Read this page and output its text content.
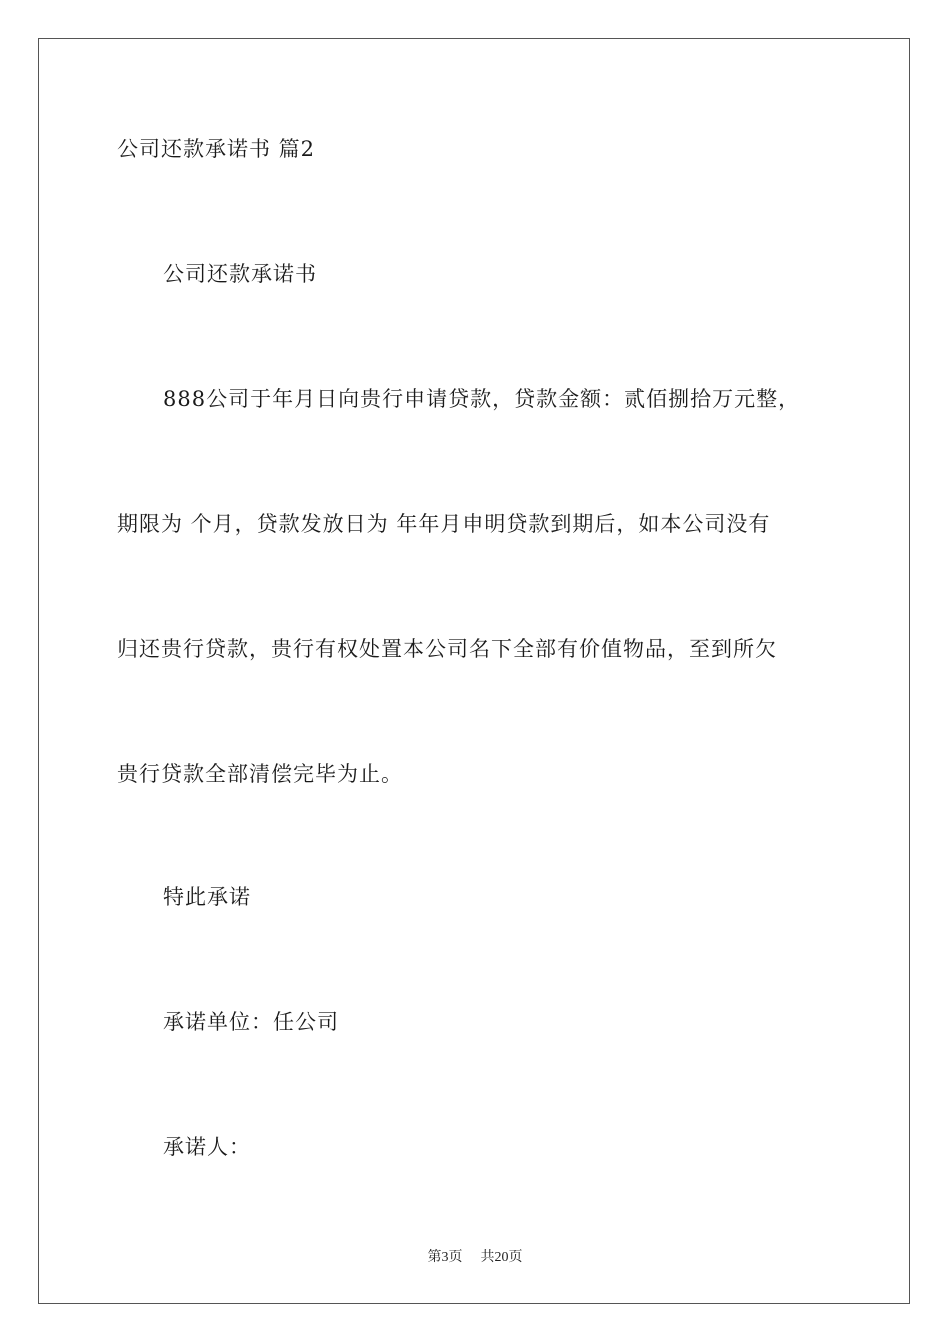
公司还款承诺书 篇2
公司还款承诺书
888公司于年月日向贵行申请贷款，贷款金额：贰佰捌拾万元整，
期限为 个月，贷款发放日为 年年月申明贷款到期后，如本公司没有
归还贵行贷款，贵行有权处置本公司名下全部有价值物品，至到所欠
贵行贷款全部清偿完毕为止。
特此承诺
承诺单位：任公司
承诺人：
第3页 共20页
